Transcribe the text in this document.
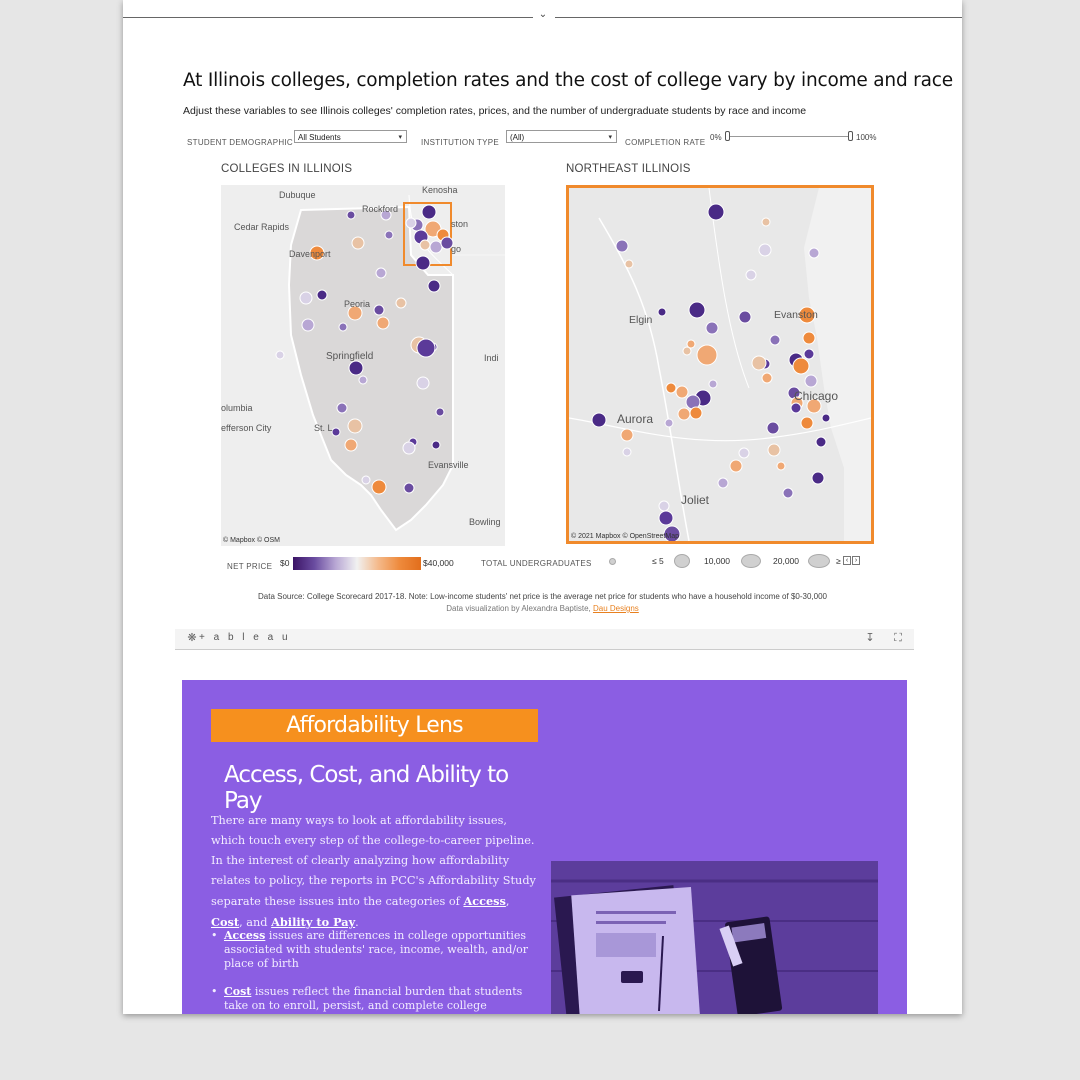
⌄
At Illinois colleges, completion rates and the cost of college vary by income and race
Adjust these variables to see Illinois colleges' completion rates, prices, and the number of undergraduate students by race and income
STUDENT DEMOGRAPHIC
All Students	▾
INSTITUTION TYPE
(All)	▾
COMPLETION RATE
0%	100%
COLLEGES IN ILLINOIS	NORTHEAST ILLINOIS
Kenosha
Dubuque
Rockford
Cedar Rapids
Davenport
Peoria
Springfield	Indi
olumbia
efferson City	St. L
Evansville
Bowling
ston
go
© Mapbox © OSM
Evanston
Elgin
Chicago
Aurora
Joliet
© 2021 Mapbox © OpenStreetMap
NET PRICE $0	$40,000	TOTAL UNDERGRADUATES	≤ 5	10,000	20,000	‹
≥	›
Data Source: College Scorecard 2017-18. Note: Low-income students' net price is the average net price for students who have a household income of $0-30,000
Data visualization by Alexandra Baptiste, Dau Designs
❋ + a b l e a u	↧ ⛶
Affordability Lens
Access, Cost, and Ability to Pay
There are many ways to look at affordability issues, which touch every step of the college-to-career pipeline. In the interest of clearly analyzing how affordability relates to policy, the reports in PCC's Affordability Study separate these issues into the categories of Access, Cost, and Ability to Pay.
• Access issues are differences in college opportunities associated with students' race, income, wealth, and/or place of birth
• Cost issues reflect the financial burden that students take on to enroll, persist, and complete college
